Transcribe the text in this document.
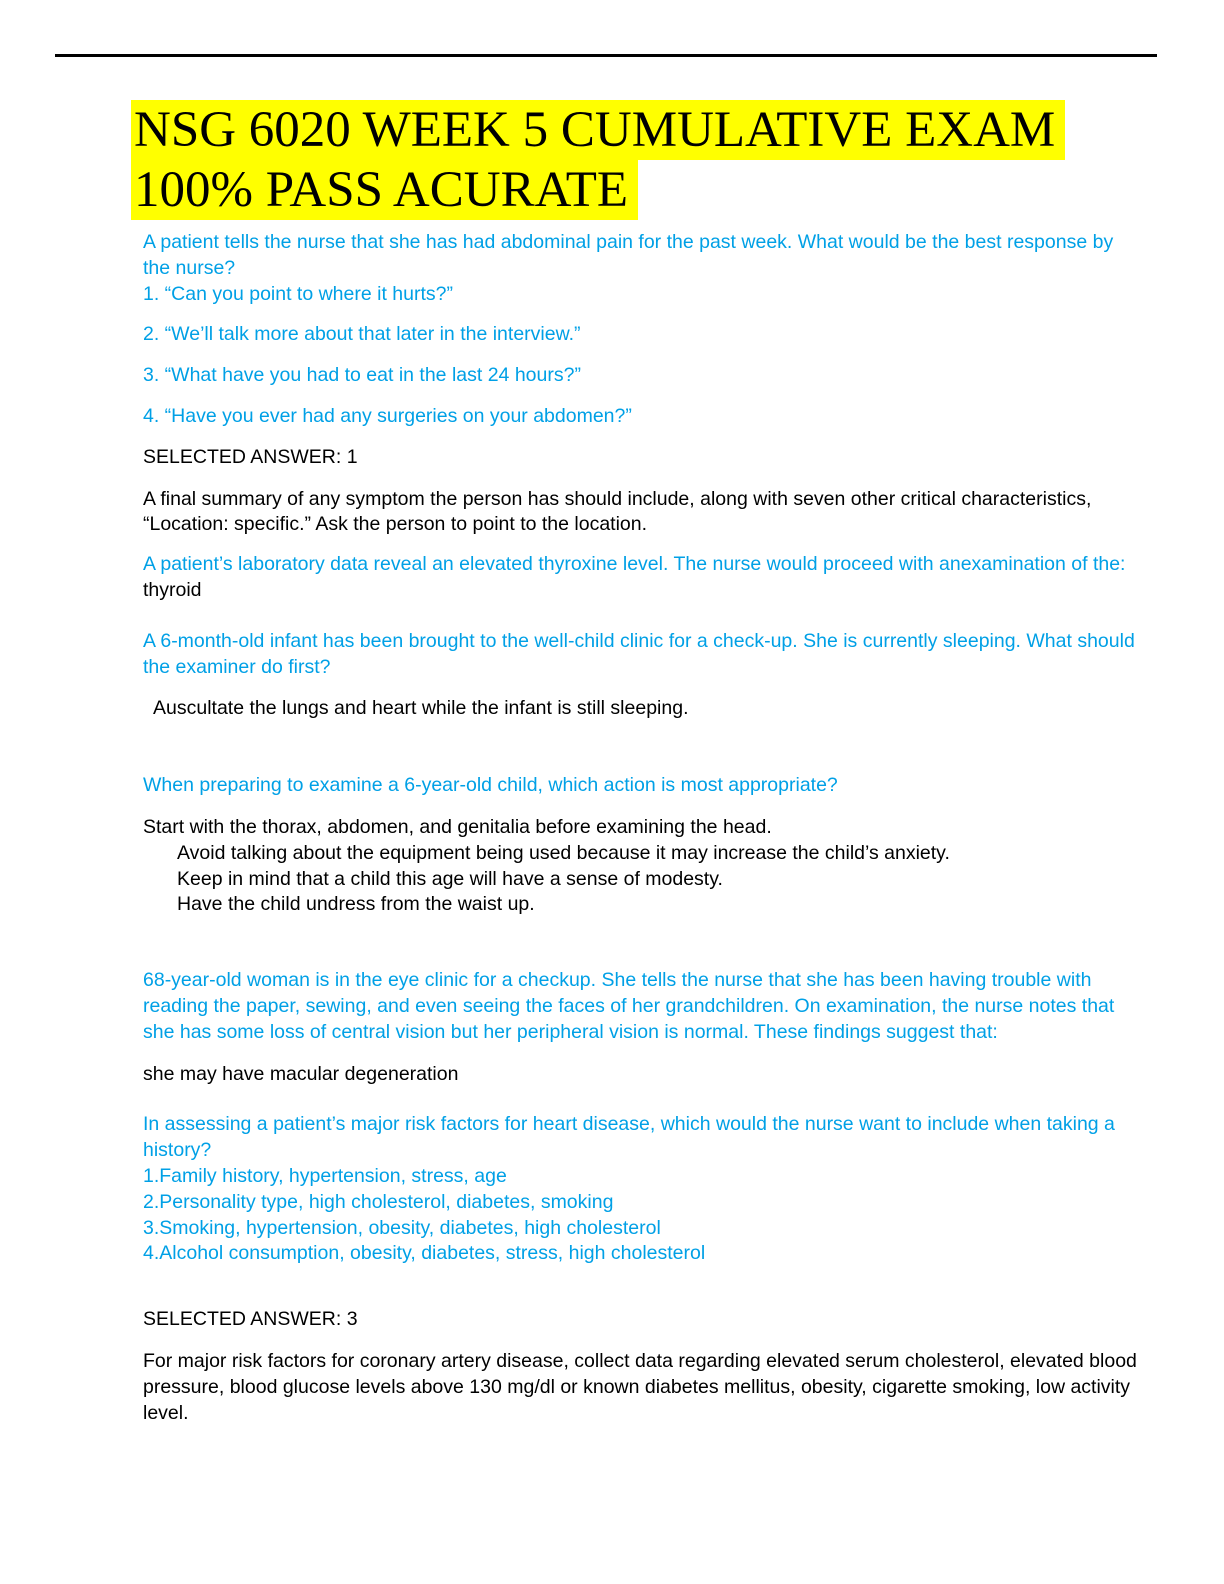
NSG 6020 WEEK 5 CUMULATIVE EXAM
100% PASS ACURATE

A patient tells the nurse that she has had abdominal pain for the past week. What would be the best response by the nurse?

1. “Can you point to where it hurts?”

2. “We’ll talk more about that later in the interview.”

3. “What have you had to eat in the last 24 hours?”

4. “Have you ever had any surgeries on your abdomen?”

SELECTED ANSWER: 1

A final summary of any symptom the person has should include, along with seven other critical characteristics, “Location: specific.” Ask the person to point to the location.

A patient’s laboratory data reveal an elevated thyroxine level. The nurse would proceed with anexamination of the:

thyroid

A 6-month-old infant has been brought to the well-child clinic for a check-up. She is currently sleeping. What should the examiner do first?

Auscultate the lungs and heart while the infant is still sleeping.

When preparing to examine a 6-year-old child, which action is most appropriate?

Start with the thorax, abdomen, and genitalia before examining the head.

Avoid talking about the equipment being used because it may increase the child’s anxiety.

Keep in mind that a child this age will have a sense of modesty.

Have the child undress from the waist up.

68-year-old woman is in the eye clinic for a checkup. She tells the nurse that she has been having trouble with reading the paper, sewing, and even seeing the faces of her grandchildren. On examination, the nurse notes that she has some loss of central vision but her peripheral vision is normal. These findings suggest that:

she may have macular degeneration

In assessing a patient’s major risk factors for heart disease, which would the nurse want to include when taking a history?

1.Family history, hypertension, stress, age

2.Personality type, high cholesterol, diabetes, smoking

3.Smoking, hypertension, obesity, diabetes, high cholesterol

4.Alcohol consumption, obesity, diabetes, stress, high cholesterol

SELECTED ANSWER: 3

For major risk factors for coronary artery disease, collect data regarding elevated serum cholesterol, elevated blood pressure, blood glucose levels above 130 mg/dl or known diabetes mellitus, obesity, cigarette smoking, low activity level.
